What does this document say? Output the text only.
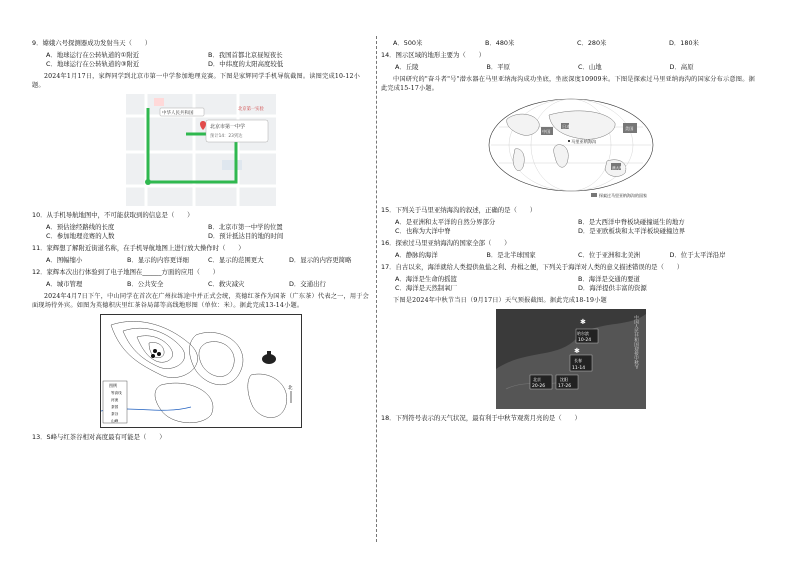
9．嫦娥六号探测器成功发射当天（　　）
A．地球运行在公转轨道的①附近	B．我国首都北京昼短夜长
C．地球运行在公转轨道的③附近	D．中纬度的太阳高度较低
2024年1月17日，家辉同学到北京市第一中学参加地理竞赛。下图是家辉同学手机导航截图。读图完成10-12小题。
中华人民共和国
北京市第一中学
预计14：23到达
北京第一实验
10．从手机导航地图中，不可能获取到的信息是（　　）
A．预估途经路线的长度	B．北京市第一中学的位置
C．参加地理竞赛的人数	D．预计抵达目的地的时间
11．家辉想了解附近街道名称，在手机导航地图上进行放大操作时（　　）
A．图幅缩小	B．显示的内容更详细	C．显示的范围更大	D．显示的内容更简略
12．家辉本次出行体验到了电子地图在______方面的应用（　　）
A．城市管理	B．公共安全	C．救灾减灾	D．交通出行
2024年4月7日下午，中山同学在首次在广州拉练途中并正式会统，英德红茶作为国茶（广东茶）代表之一，用于会面现场待外宾。如图为英德积庆里红茶谷局部等高线地形图（单位：米）。据此完成13-14小题。
图例
等高线
河流
茶园
茶谷
山峰
北
13．S峰与红茶谷相对高度最有可能是（　　）
A．500米	B．480米	C．280米	D．180米
14．图示区域的地形主要为（　　）
A．丘陵	B．平原	C．山地	D．高原
中国研究的"奋斗者"号"潜水器在马里亚纳海沟成功坐底，坐底深度10909米。下图是探索过马里亚纳海沟的国家分布示意图。据此完成15-17小题。
美国
中国
日本
马里亚纳海沟
澳大利亚
探索过马里亚纳海沟的国家
15．下列关于马里亚纳海沟的叙述，正确的是（　　）
A．是亚洲和太平洋的自然分界部分	B．是大西洋中脊板块碰撞诞生的地方
C．也称为大洋中脊	D．是亚欧板块和太平洋板块碰撞边界
16．探索过马里亚纳海沟的国家全部（　　）
A．静脉的海洋	B．是北半球国家	C．位于亚洲和北美洲	D．位于太平洋沿岸
17．自古以来，海洋就给人类提供鱼盐之利、舟楫之便，下列关于海洋对人类的意义描述错误的是（　　）
A．海洋是生命的摇篮	B．海洋是交通的要道
C．海洋是天然制氧厂	D．海洋提供丰富的资源
下图是2024年中秋节当日（9月17日）天气预报截图。据此完成18-19小题
✱
哈尔滨
10-24
✱
长春
11-14
北京
20-26
沈阳
17-26
中国人民共和国迎接中秋节
18．下列符号表示的天气状况，最有利于中秋节观赏月亮的是（　　）
